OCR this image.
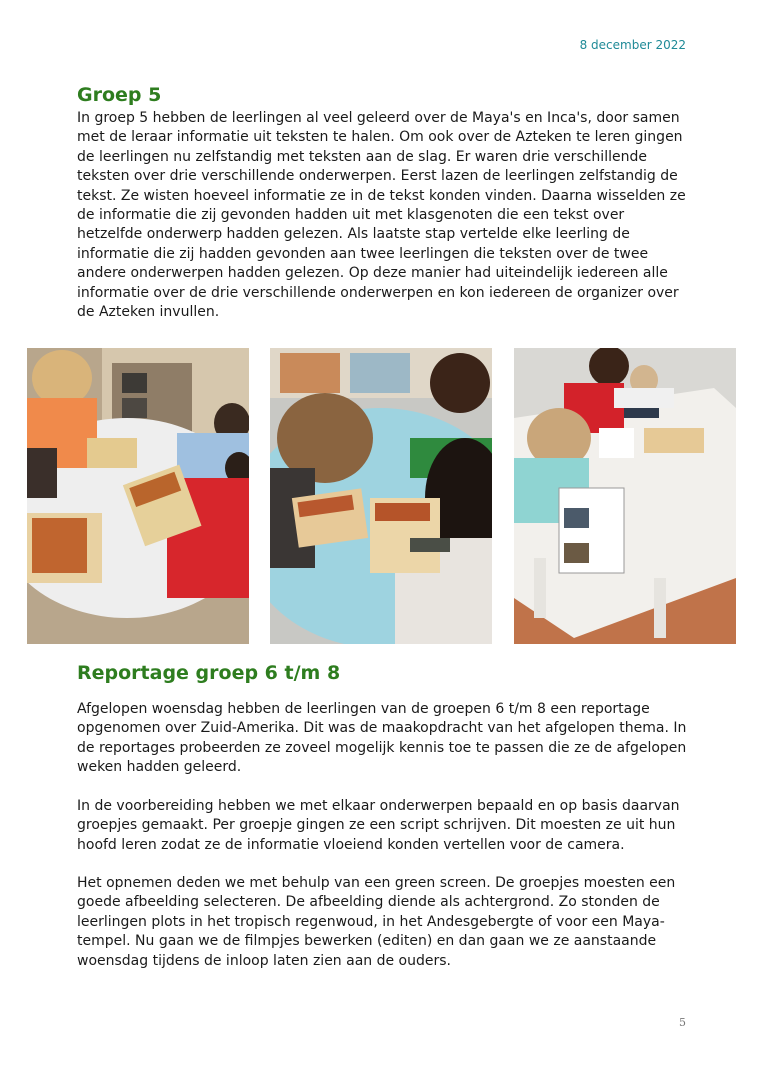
8 december 2022
Groep 5

In groep 5 hebben de leerlingen al veel geleerd over de Maya's en Inca's, door samen met de leraar informatie uit teksten te halen. Om ook over de Azteken te leren gingen de leerlingen nu zelfstandig met teksten aan de slag. Er waren drie verschillende teksten over drie verschillende onderwerpen. Eerst lazen de leerlingen zelfstandig de tekst. Ze wisten hoeveel informatie ze in de tekst konden vinden. Daarna wisselden ze de informatie die zij gevonden hadden uit met klasgenoten die een tekst over hetzelfde onderwerp hadden gelezen. Als laatste stap vertelde elke leerling de informatie die zij hadden gevonden aan twee leerlingen die teksten over de twee andere onderwerpen hadden gelezen. Op deze manier had uiteindelijk iedereen alle informatie over de drie verschillende onderwerpen en kon iedereen de organizer over de Azteken invullen.

Reportage groep 6 t/m 8

Afgelopen woensdag hebben de leerlingen van de groepen 6 t/m 8 een reportage opgenomen over Zuid-Amerika. Dit was de maakopdracht van het afgelopen thema. In de reportages probeerden ze zoveel mogelijk kennis toe te passen die ze de afgelopen weken hadden geleerd.

In de voorbereiding hebben we met elkaar onderwerpen bepaald en op basis daarvan groepjes gemaakt. Per groepje gingen ze een script schrijven. Dit moesten ze uit hun hoofd leren zodat ze de informatie vloeiend konden vertellen voor de camera.

Het opnemen deden we met behulp van een green screen. De groepjes moesten een goede afbeelding selecteren. De afbeelding diende als achtergrond. Zo stonden de leerlingen plots in het tropisch regenwoud, in het Andesgebergte of voor een Maya-tempel. Nu gaan we de filmpjes bewerken (editen) en dan gaan we ze aanstaande woensdag tijdens de inloop laten zien aan de ouders.

5
